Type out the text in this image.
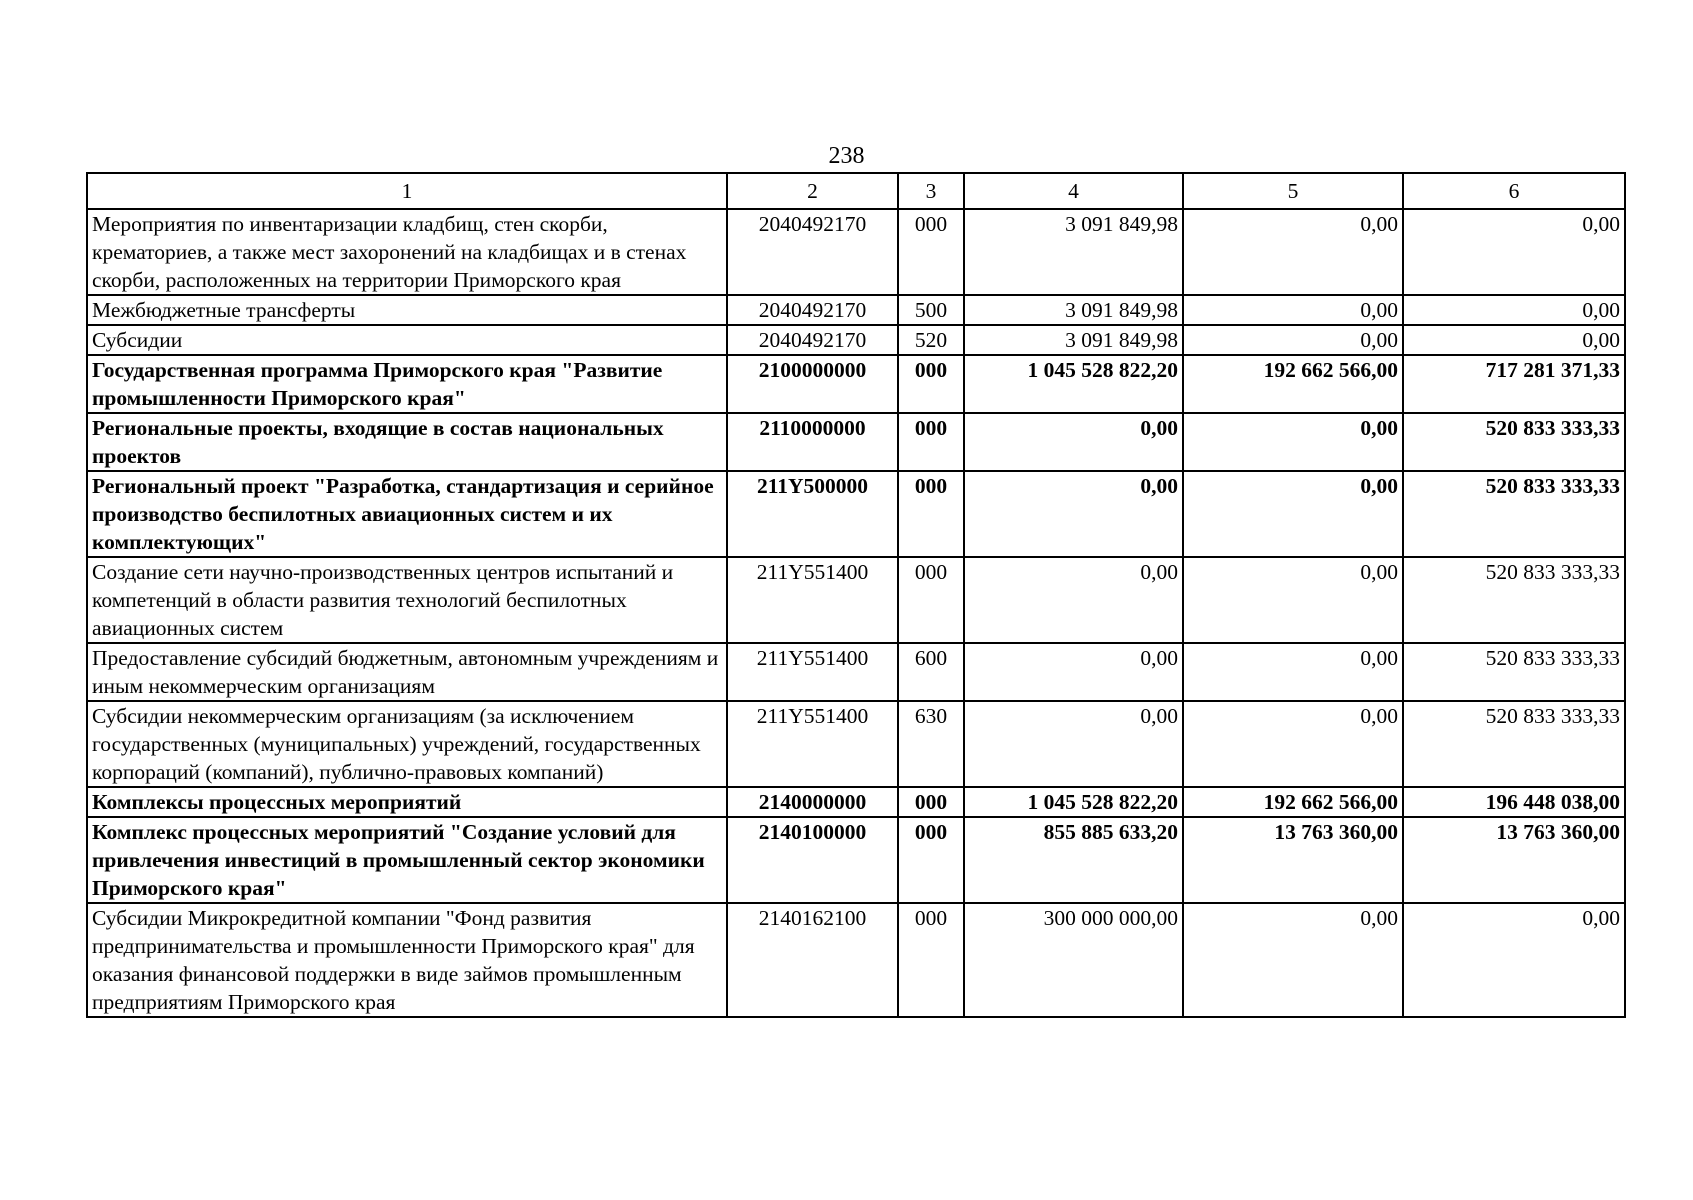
238
1	2	3	4	5	6
Мероприятия по инвентаризации кладбищ, стен скорби, крематориев, а также мест захоронений на кладбищах и в стенах скорби, расположенных на территории Приморского края	2040492170	000	3 091 849,98	0,00	0,00
Межбюджетные трансферты	2040492170	500	3 091 849,98	0,00	0,00
Субсидии	2040492170	520	3 091 849,98	0,00	0,00
Государственная программа Приморского края "Развитие промышленности Приморского края"	2100000000	000	1 045 528 822,20	192 662 566,00	717 281 371,33
Региональные проекты, входящие в состав национальных проектов	2110000000	000	0,00	0,00	520 833 333,33
Региональный проект "Разработка, стандартизация и серийное производство беспилотных авиационных систем и их комплектующих"	211Y500000	000	0,00	0,00	520 833 333,33
Создание сети научно-производственных центров испытаний и компетенций в области развития технологий беспилотных авиационных систем	211Y551400	000	0,00	0,00	520 833 333,33
Предоставление субсидий бюджетным, автономным учреждениям и иным некоммерческим организациям	211Y551400	600	0,00	0,00	520 833 333,33
Субсидии некоммерческим организациям (за исключением государственных (муниципальных) учреждений, государственных корпораций (компаний), публично-правовых компаний)	211Y551400	630	0,00	0,00	520 833 333,33
Комплексы процессных мероприятий	2140000000	000	1 045 528 822,20	192 662 566,00	196 448 038,00
Комплекс процессных мероприятий "Создание условий для привлечения инвестиций в промышленный сектор экономики Приморского края"	2140100000	000	855 885 633,20	13 763 360,00	13 763 360,00
Субсидии Микрокредитной компании "Фонд развития предпринимательства и промышленности Приморского края" для оказания финансовой поддержки в виде займов промышленным предприятиям Приморского края	2140162100	000	300 000 000,00	0,00	0,00
